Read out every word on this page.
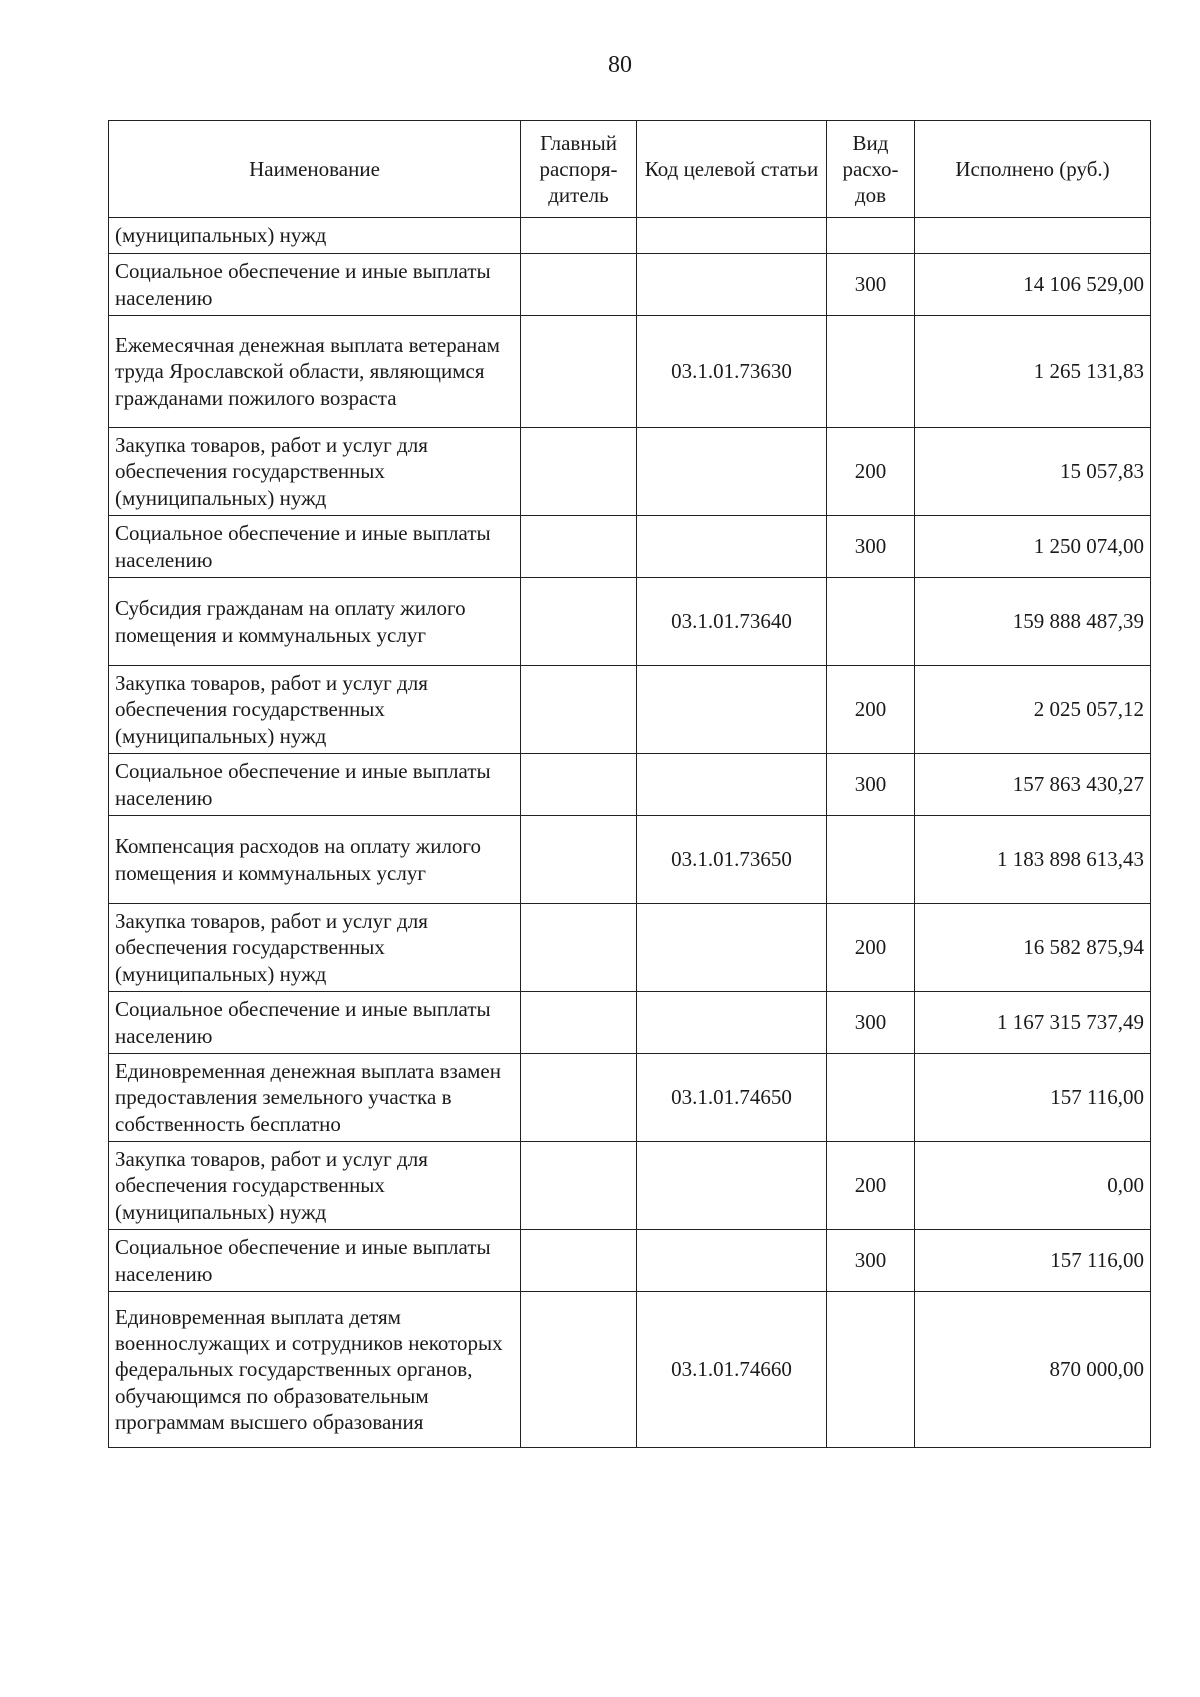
80
Наименование	Главный распоря-дитель	Код целевой статьи	Вид расхо-дов	Исполнено (руб.)
(муниципальных) нужд				
Социальное обеспечение и иные выплаты населению			300	14 106 529,00
Ежемесячная денежная выплата ветеранам труда Ярославской области, являющимся гражданами пожилого возраста		03.1.01.73630		1 265 131,83
Закупка товаров, работ и услуг для обеспечения государственных (муниципальных) нужд			200	15 057,83
Социальное обеспечение и иные выплаты населению			300	1 250 074,00
Субсидия гражданам на оплату жилого помещения и коммунальных услуг		03.1.01.73640		159 888 487,39
Закупка товаров, работ и услуг для обеспечения государственных (муниципальных) нужд			200	2 025 057,12
Социальное обеспечение и иные выплаты населению			300	157 863 430,27
Компенсация расходов на оплату жилого помещения и коммунальных услуг		03.1.01.73650		1 183 898 613,43
Закупка товаров, работ и услуг для обеспечения государственных (муниципальных) нужд			200	16 582 875,94
Социальное обеспечение и иные выплаты населению			300	1 167 315 737,49
Единовременная денежная выплата взамен предоставления земельного участка в собственность бесплатно		03.1.01.74650		157 116,00
Закупка товаров, работ и услуг для обеспечения государственных (муниципальных) нужд			200	0,00
Социальное обеспечение и иные выплаты населению			300	157 116,00
Единовременная выплата детям военнослужащих и сотрудников некоторых федеральных государственных органов, обучающимся по образовательным программам высшего образования		03.1.01.74660		870 000,00
